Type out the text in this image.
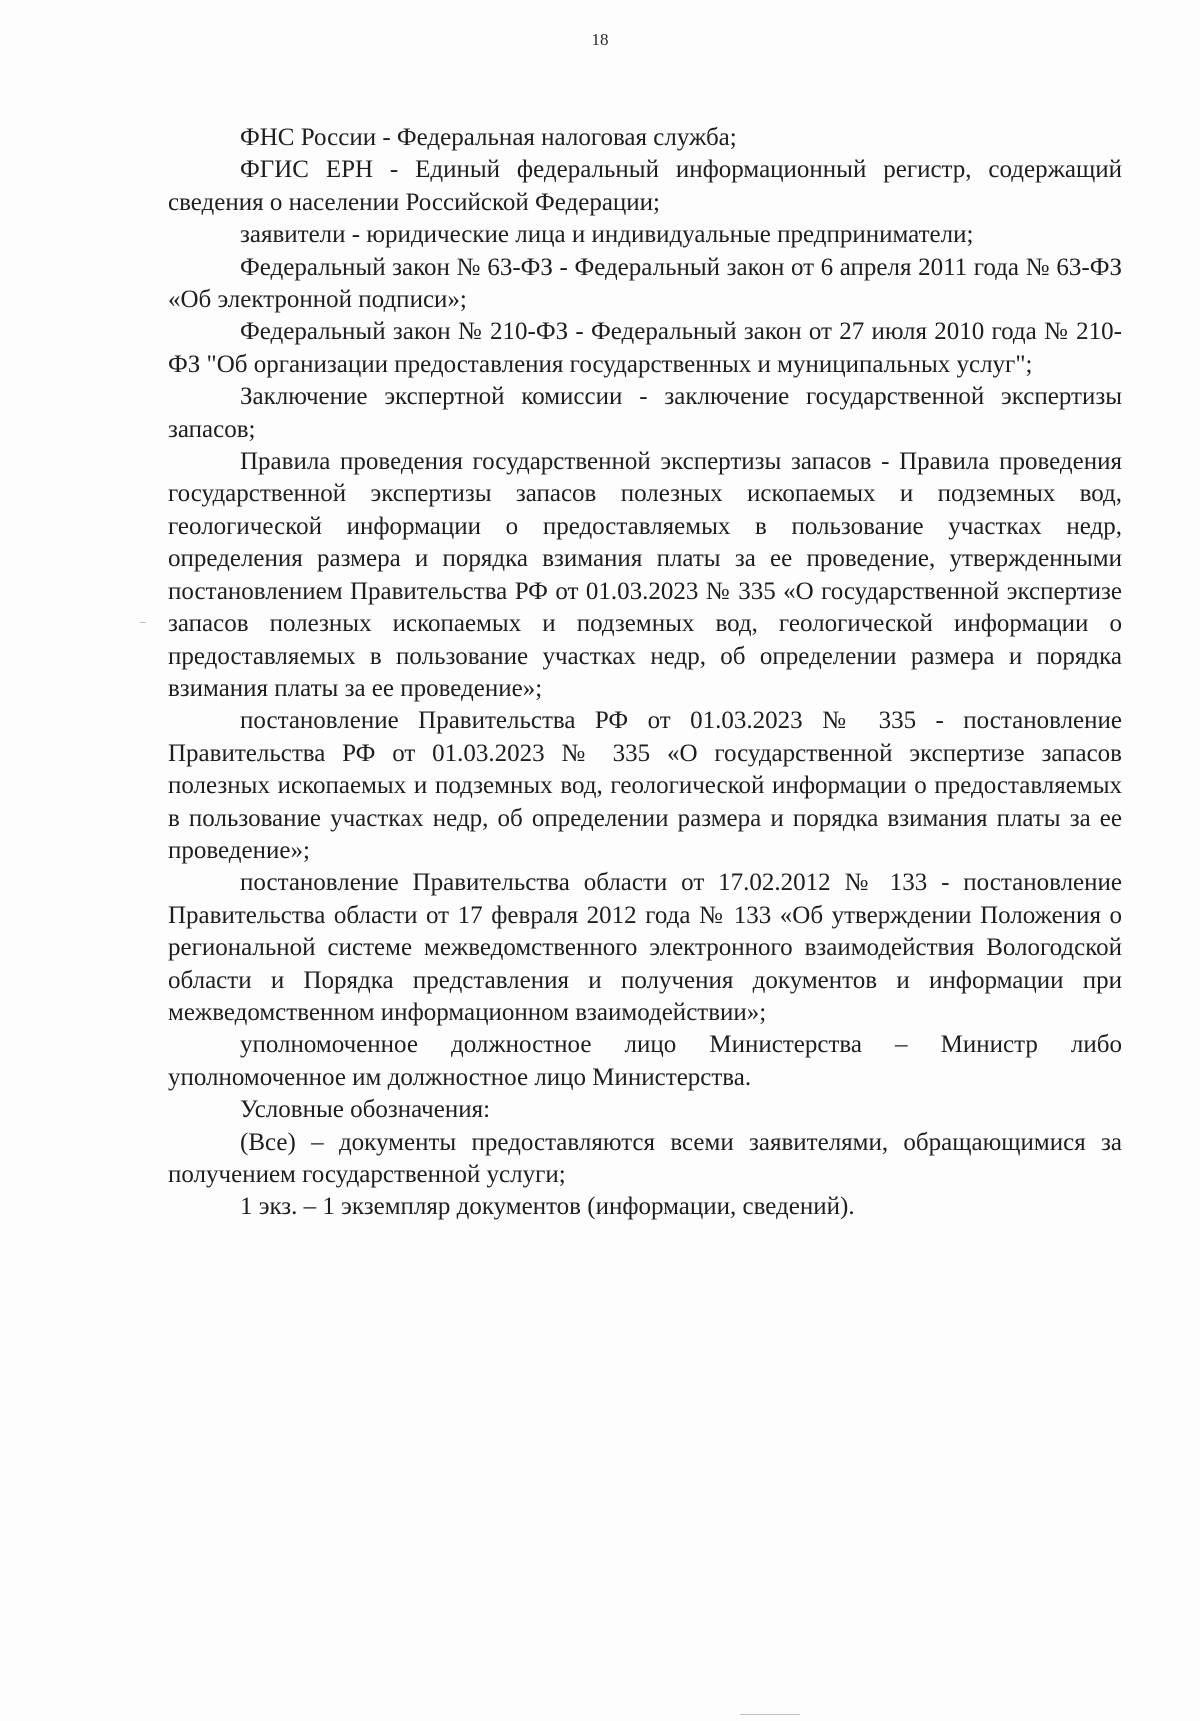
18

ФНС России - Федеральная налоговая служба;

ФГИС ЕРН - Единый федеральный информационный регистр, содержащий сведения о населении Российской Федерации;

заявители - юридические лица и индивидуальные предприниматели;

Федеральный закон № 63-ФЗ - Федеральный закон от 6 апреля 2011 года № 63-ФЗ «Об электронной подписи»;

Федеральный закон № 210-ФЗ - Федеральный закон от 27 июля 2010 года № 210-ФЗ "Об организации предоставления государственных и муниципальных услуг";

Заключение экспертной комиссии - заключение государственной экспертизы запасов;

Правила проведения государственной экспертизы запасов - Правила проведения государственной экспертизы запасов полезных ископаемых и подземных вод, геологической информации о предоставляемых в пользование участках недр, определения размера и порядка взимания платы за ее проведение, утвержденными постановлением Правительства РФ от 01.03.2023 № 335 «О государственной экспертизе запасов полезных ископаемых и подземных вод, геологической информации о предоставляемых в пользование участках недр, об определении размера и порядка взимания платы за ее проведение»;

постановление Правительства РФ от 01.03.2023 № 335 - постановление Правительства РФ от 01.03.2023 № 335 «О государственной экспертизе запасов полезных ископаемых и подземных вод, геологической информации о предоставляемых в пользование участках недр, об определении размера и порядка взимания платы за ее проведение»;

постановление Правительства области от 17.02.2012 № 133 - постановление Правительства области от 17 февраля 2012 года № 133 «Об утверждении Положения о региональной системе межведомственного электронного взаимодействия Вологодской области и Порядка представления и получения документов и информации при межведомственном информационном взаимодействии»;

уполномоченное должностное лицо Министерства – Министр либо уполномоченное им должностное лицо Министерства.

Условные обозначения:

(Все) – документы предоставляются всеми заявителями, обращающимися за получением государственной услуги;

1 экз. – 1 экземпляр документов (информации, сведений).
